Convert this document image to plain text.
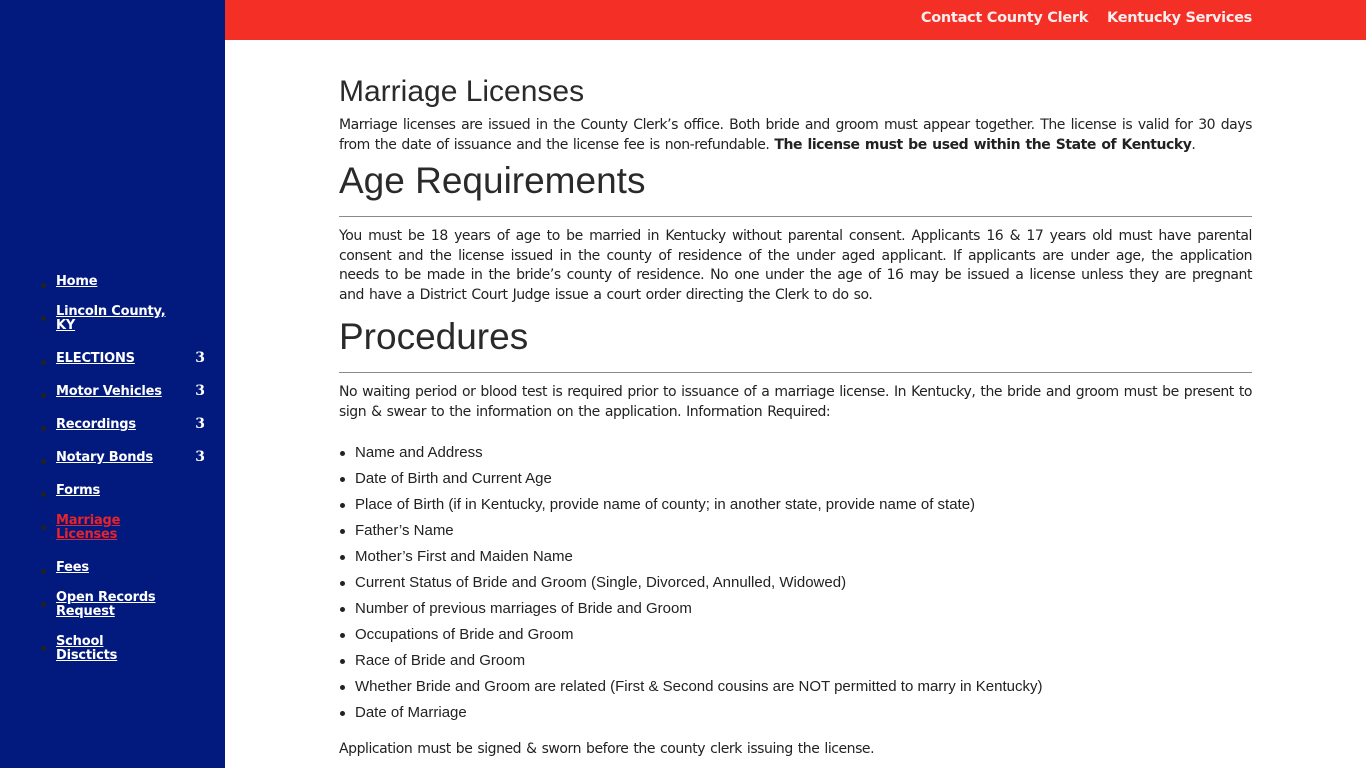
Home
Lincoln County, KY
ELECTIONS	3
Motor Vehicles 3
Recordings	3
Notary Bonds	3
Forms
Marriage Licenses
Fees
Open Records Request
School Discticts
Contact County Clerk Kentucky Services
Marriage Licenses

Marriage licenses are issued in the County Clerk’s office. Both bride and groom must appear together. The license is valid for 30 days from the date of issuance and the license fee is non-refundable. The license must be used within the State of Kentucky.

Age Requirements

You must be 18 years of age to be married in Kentucky without parental consent. Applicants 16 & 17 years old must have parental consent and the license issued in the county of residence of the under aged applicant. If applicants are under age, the application needs to be made in the bride’s county of residence. No one under the age of 16 may be issued a license unless they are pregnant and have a District Court Judge issue a court order directing the Clerk to do so.

Procedures

No waiting period or blood test is required prior to issuance of a marriage license. In Kentucky, the bride and groom must be present to sign & swear to the information on the application. Information Required:

Name and Address
Date of Birth and Current Age
Place of Birth (if in Kentucky, provide name of county; in another state, provide name of state)
Father’s Name
Mother’s First and Maiden Name
Current Status of Bride and Groom (Single, Divorced, Annulled, Widowed)
Number of previous marriages of Bride and Groom
Occupations of Bride and Groom
Race of Bride and Groom
Whether Bride and Groom are related (First & Second cousins are NOT permitted to marry in Kentucky)
Date of Marriage

Application must be signed & sworn before the county clerk issuing the license.
